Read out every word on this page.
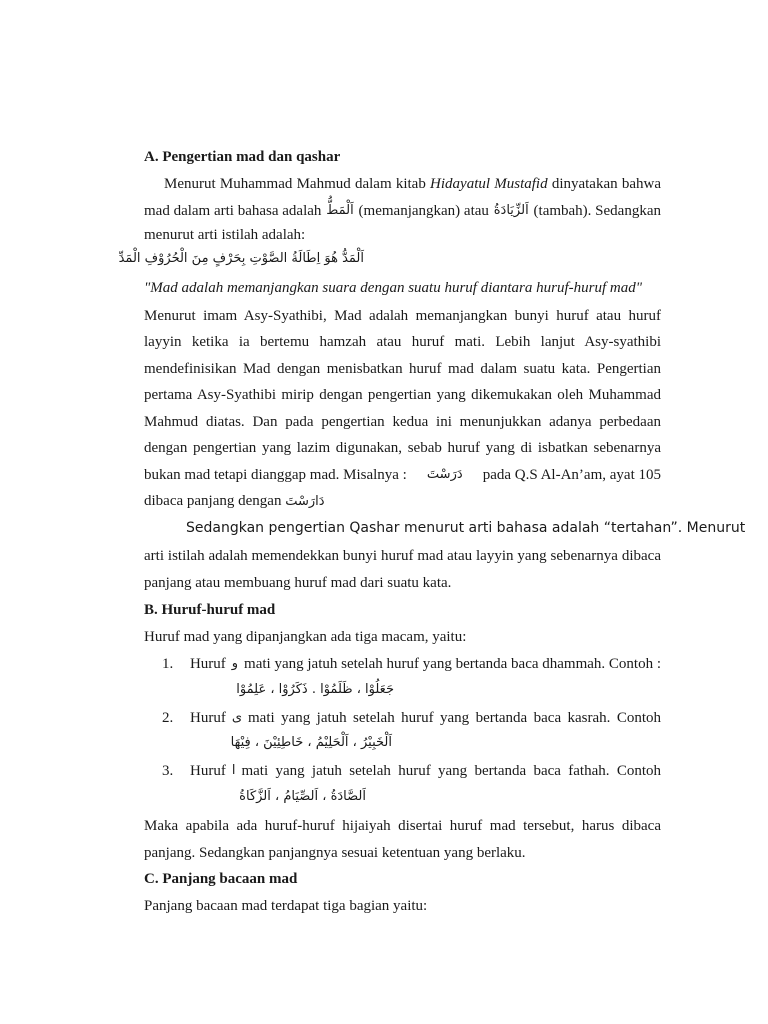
A. Pengertian mad dan qashar
Menurut Muhammad Mahmud dalam kitab Hidayatul Mustafid dinyatakan bahwa
mad dalam arti bahasa adalah اَلْمَطُّ (memanjangkan) atau اَلزِّيَادَةُ (tambah). Sedangkan
menurut arti istilah adalah:
اَلْمَدُّ هُوَ اِطَالَةُ الصَّوْتِ بِحَرْفٍ مِنَ الْحُرُوْفِ الْمَدِّ
"Mad adalah memanjangkan suara dengan suatu huruf diantara huruf-huruf mad"
Menurut imam Asy-Syathibi, Mad adalah memanjangkan bunyi huruf atau huruf
layyin ketika ia bertemu hamzah atau huruf mati. Lebih lanjut Asy-syathibi
mendefinisikan Mad dengan menisbatkan huruf mad dalam suatu kata. Pengertian
pertama Asy-Syathibi mirip dengan pengertian yang dikemukakan oleh Muhammad
Mahmud diatas. Dan pada pengertian kedua ini menunjukkan adanya perbedaan
dengan pengertian yang lazim digunakan, sebab huruf yang di isbatkan sebenarnya
bukan mad tetapi dianggap mad. Misalnya : دَرَسْتَ pada Q.S Al-An’am, ayat 105
dibaca panjang dengan دَارَسْتَ
Sedangkan pengertian Qashar menurut arti bahasa adalah “tertahan”. Menurut
arti istilah adalah memendekkan bunyi huruf mad atau layyin yang sebenarnya dibaca
panjang atau membuang huruf mad dari suatu kata.
B. Huruf-huruf mad
Huruf mad yang dipanjangkan ada tiga macam, yaitu:
1.	Huruf و mati yang jatuh setelah huruf yang bertanda baca dhammah. Contoh :
جَعَلُوْا ، ظَلَمُوْا . ذَكَرُوْا ، عَلِمُوْا
2.	Huruf ى mati yang jatuh setelah huruf yang bertanda baca kasrah. Contoh
اَلْخَبِيْرُ ، اَلْحَلِيْمُ ، خَاطِئِيْنَ ، فِيْهَا
3.	Huruf ا mati yang jatuh setelah huruf yang bertanda baca fathah. Contoh
اَلصَّادَةُ ، اَلصِّيَامُ ، اَلزَّكَاةُ
Maka apabila ada huruf-huruf hijaiyah disertai huruf mad tersebut, harus dibaca
panjang. Sedangkan panjangnya sesuai ketentuan yang berlaku.
C. Panjang bacaan mad
Panjang bacaan mad terdapat tiga bagian yaitu:
